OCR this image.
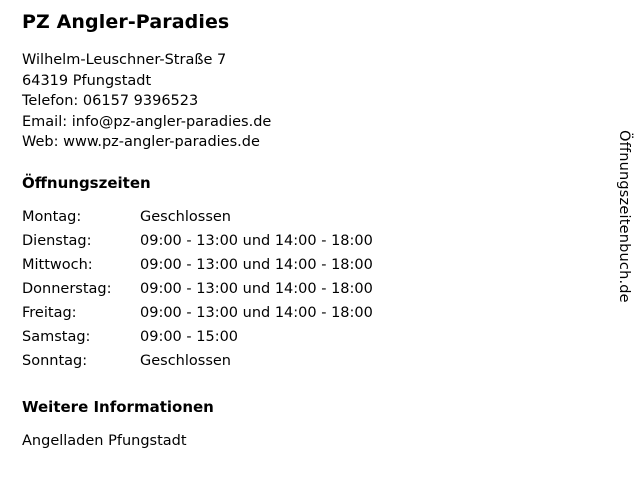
PZ Angler-Paradies
Wilhelm-Leuschner-Straße 7
64319 Pfungstadt
Telefon: 06157 9396523
Email: info@pz-angler-paradies.de
Web: www.pz-angler-paradies.de
Öffnungszeiten
Montag:	Geschlossen
Dienstag:	09:00 - 13:00 und 14:00 - 18:00
Mittwoch:	09:00 - 13:00 und 14:00 - 18:00
Donnerstag:	09:00 - 13:00 und 14:00 - 18:00
Freitag:	09:00 - 13:00 und 14:00 - 18:00
Samstag:	09:00 - 15:00
Sonntag:	Geschlossen
Weitere Informationen
Angelladen Pfungstadt
Öffnungszeitenbuch.de
